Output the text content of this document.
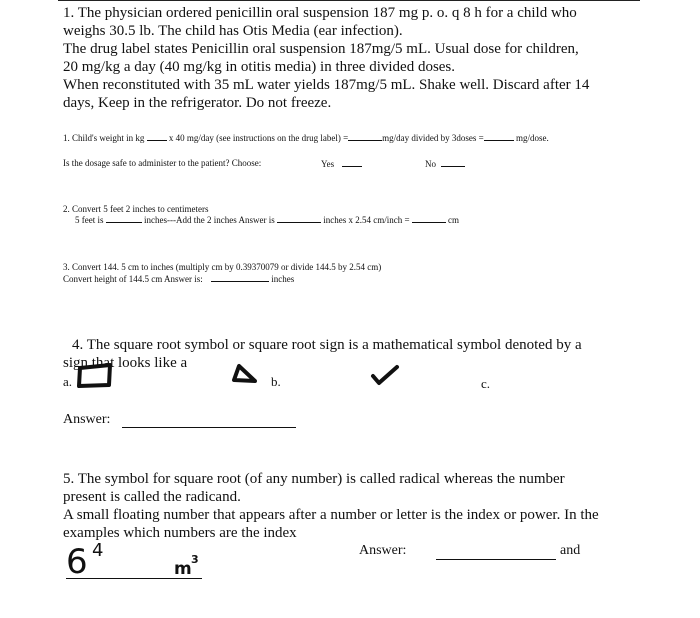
1. The physician ordered penicillin oral suspension 187 mg p. o. q 8 h for a child who
weighs 30.5 lb. The child has Otis Media (ear infection).
The drug label states Penicillin oral suspension 187mg/5 mL. Usual dose for children,
20 mg/kg a day (40 mg/kg in otitis media) in three divided doses.
When reconstituted with 35 mL water yields 187mg/5 mL. Shake well. Discard after 14
days, Keep in the refrigerator. Do not freeze.
1. Child's weight in kg	x 40 mg/day (see instructions on the drug label) =	mg/day divided by 3doses =	mg/dose.
Is the dosage safe to administer to the patient? Choose:	Yes	No
2. Convert 5 feet 2 inches to centimeters
5 feet is	inches---Add the 2 inches Answer is	inches x 2.54 cm/inch =	cm
3. Convert 144. 5 cm to inches (multiply cm by 0.39370079 or divide 144.5 by 2.54 cm)
Convert height of 144.5 cm Answer is:	inches
4. The square root symbol or square root sign is a mathematical symbol denoted by a
sign that looks like a
a.	b.	c.
Answer:
5. The symbol for square root (of any number) is called radical whereas the number
present is called the radicand.
A small floating number that appears after a number or letter is the index or power. In the
examples which numbers are the index
6 4
m 3
Answer:	and
